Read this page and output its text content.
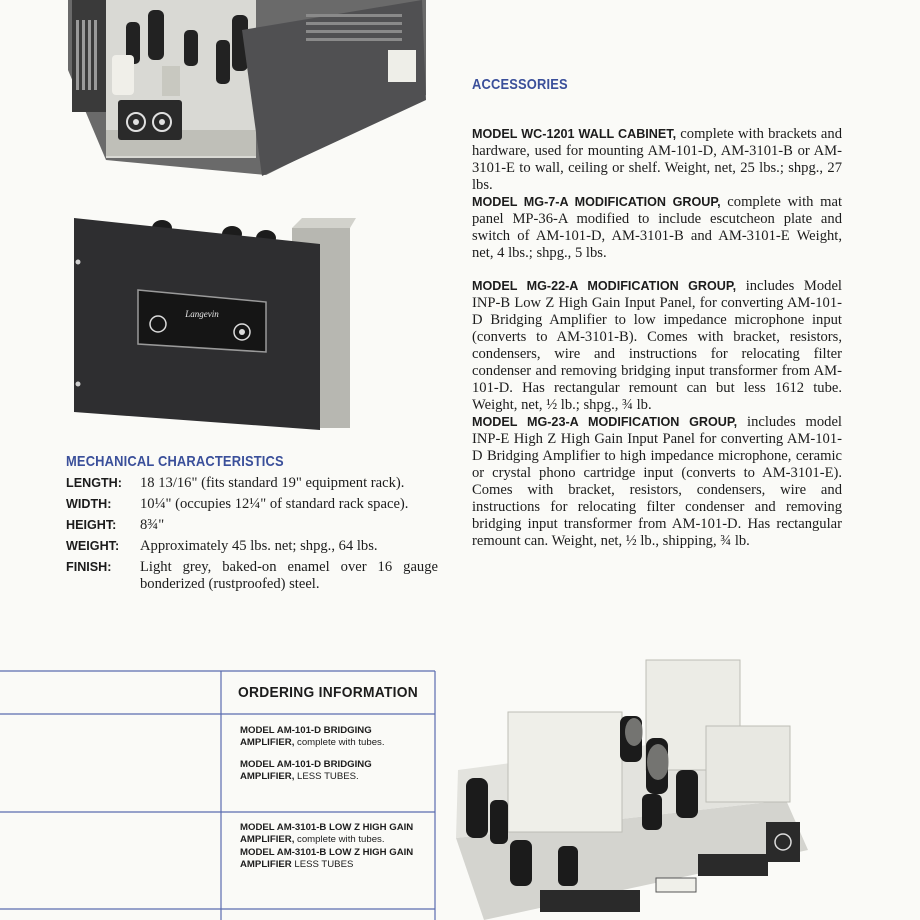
Langevin
ACCESSORIES

MODEL WC-1201 WALL CABINET, complete with brackets and hardware, used for mounting AM-101-D, AM-3101-B or AM-3101-E to wall, ceiling or shelf. Weight, net, 25 lbs.; shpg., 27 lbs.

MODEL MG-7-A MODIFICATION GROUP, complete with mat panel MP-36-A modified to include escutcheon plate and switch of AM-101-D, AM-3101-B and AM-3101-E Weight, net, 4 lbs.; shpg., 5 lbs.

MODEL MG-22-A MODIFICATION GROUP, includes Model INP-B Low Z High Gain Input Panel, for converting AM-101-D Bridging Amplifier to low impedance microphone input (converts to AM-3101-B). Comes with bracket, resistors, condensers, wire and instructions for relocating filter condenser and removing bridging input transformer from AM-101-D. Has rectangular remount can but less 1612 tube. Weight, net, ½ lb.; shpg., ¾ lb.

MODEL MG-23-A MODIFICATION GROUP, includes model INP-E High Z High Gain Input Panel for converting AM-101-D Bridging Amplifier to high impedance microphone, ceramic or crystal phono cartridge input (converts to AM-3101-E). Comes with bracket, resistors, condensers, wire and instructions for relocating filter condenser and removing bridging input transformer from AM-101-D. Has rectangular remount can. Weight, net, ½ lb., shipping, ¾ lb.

MECHANICAL CHARACTERISTICS
LENGTH:	18 13/16" (fits standard 19" equipment rack).
WIDTH:	10¼" (occupies 12¼" of standard rack space).
HEIGHT:	8¾"
WEIGHT:	Approximately 45 lbs. net; shpg., 64 lbs.
FINISH:	Light grey, baked-on enamel over 16 gauge bonderized (rustproofed) steel.
ORDERING INFORMATION

MODEL AM-101-D BRIDGING AMPLIFIER, complete with tubes.

MODEL AM-101-D BRIDGING AMPLIFIER, LESS TUBES.

MODEL AM-3101-B LOW Z HIGH GAIN AMPLIFIER, complete with tubes.

MODEL AM-3101-B LOW Z HIGH GAIN AMPLIFIER LESS TUBES
